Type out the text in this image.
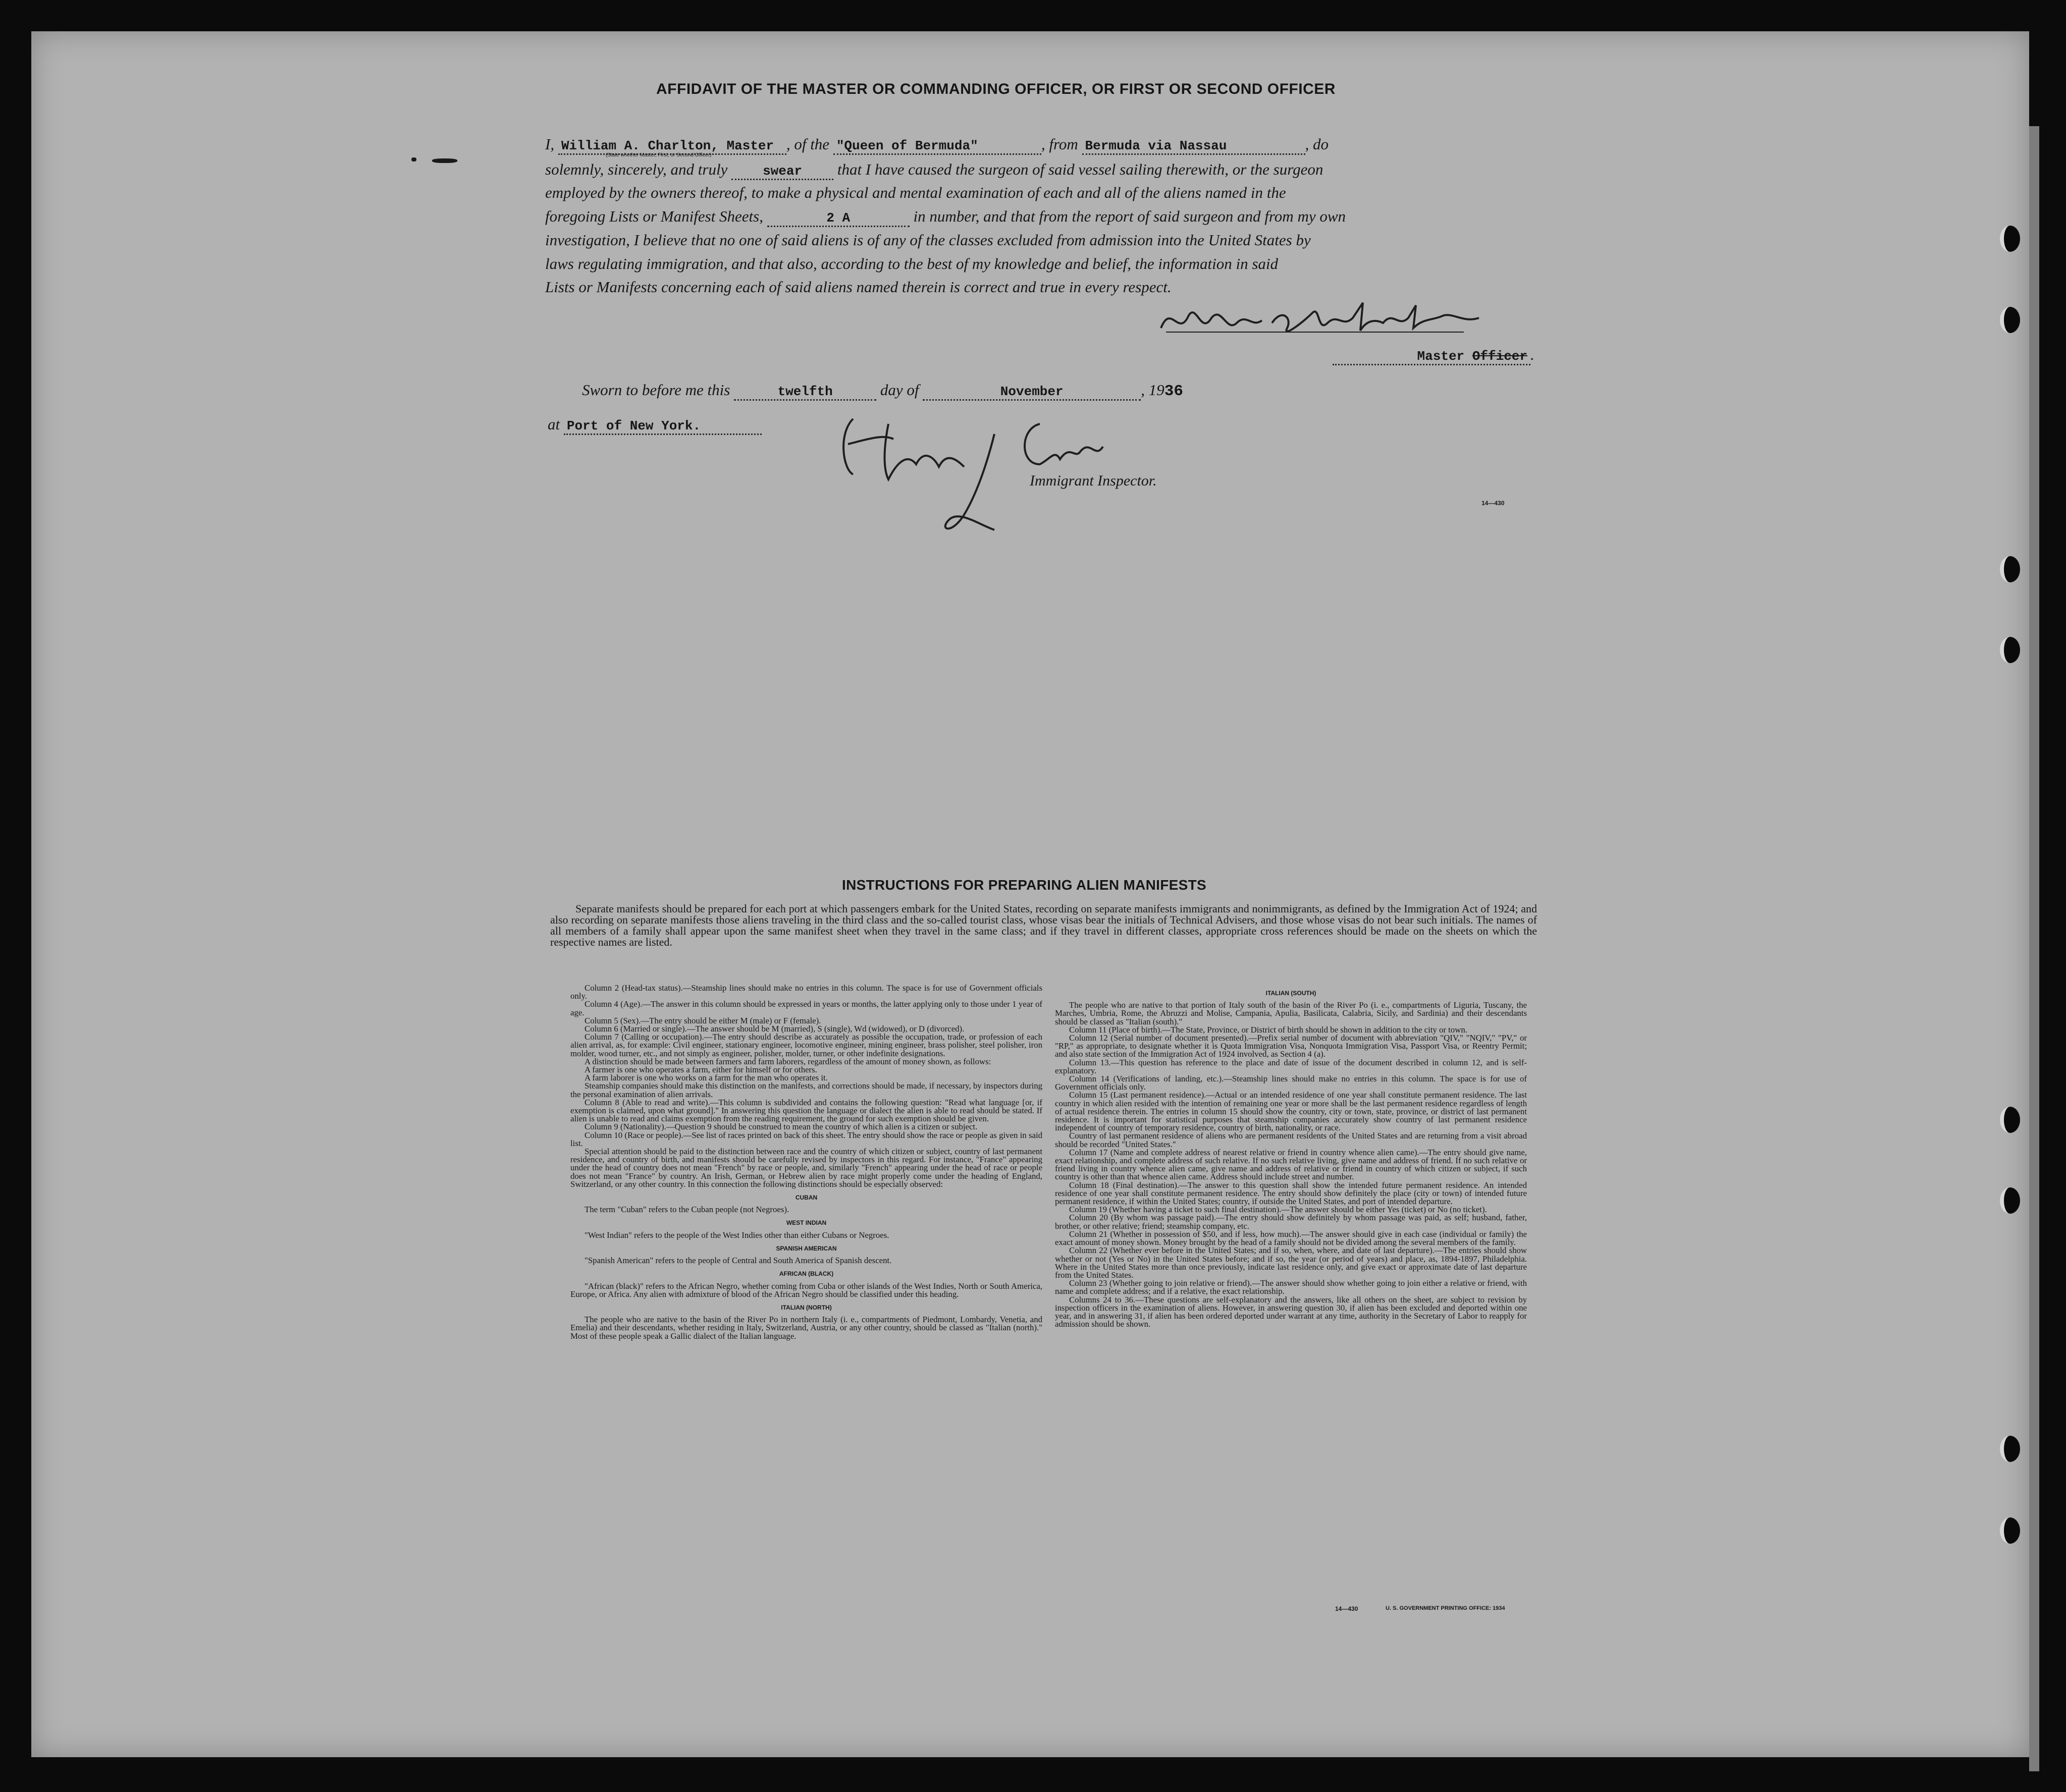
AFFIDAVIT OF THE MASTER OR COMMANDING OFFICER, OR FIRST OR SECOND OFFICER
I, William A. Charlton, Master , of the "Queen of Bermuda"	, from Bermuda via Nassau	, do
(State whether Master, First, or Second Officer)
solemnly, sincerely, and truly	swear that I have caused the surgeon of said vessel sailing therewith, or the surgeon
employed by the owners thereof, to make a physical and mental examination of each and all of the aliens named in the
foregoing Lists or Manifest Sheets,	2 A	in number, and that from the report of said surgeon and from my own
investigation, I believe that no one of said aliens is of any of the classes excluded from admission into the United States by
laws regulating immigration, and that also, according to the best of my knowledge and belief, the information in said
Lists or Manifests concerning each of said aliens named therein is correct and true in every respect.
Wm A Charlton
Master Officer .
Sworn to before me this	twelfth	day of	November	, 1936
at Port of New York.
Herbert J Conkey
Immigrant Inspector.
14—430
INSTRUCTIONS FOR PREPARING ALIEN MANIFESTS
Separate manifests should be prepared for each port at which passengers embark for the United States, recording on separate manifests immigrants and nonimmigrants, as defined by the Immigration Act of 1924; and also recording on separate manifests those aliens traveling in the third class and the so-called tourist class, whose visas bear the initials of Technical Advisers, and those whose visas do not bear such initials. The names of all members of a family shall appear upon the same manifest sheet when they travel in the same class; and if they travel in different classes, appropriate cross references should be made on the sheets on which the respective names are listed.

Column 2 (Head-tax status).—Steamship lines should make no entries in this column. The space is for use of Government officials only.

Column 4 (Age).—The answer in this column should be expressed in years or months, the latter applying only to those under 1 year of age.

Column 5 (Sex).—The entry should be either M (male) or F (female).

Column 6 (Married or single).—The answer should be M (married), S (single), Wd (widowed), or D (divorced).

Column 7 (Calling or occupation).—The entry should describe as accurately as possible the occupation, trade, or profession of each alien arrival, as, for example: Civil engineer, stationary engineer, locomotive engineer, mining engineer, brass polisher, steel polisher, iron molder, wood turner, etc., and not simply as engineer, polisher, molder, turner, or other indefinite designations.

A distinction should be made between farmers and farm laborers, regardless of the amount of money shown, as follows:

A farmer is one who operates a farm, either for himself or for others.

A farm laborer is one who works on a farm for the man who operates it.

Steamship companies should make this distinction on the manifests, and corrections should be made, if necessary, by inspectors during the personal examination of alien arrivals.

Column 8 (Able to read and write).—This column is subdivided and contains the following question: "Read what language [or, if exemption is claimed, upon what ground]." In answering this question the language or dialect the alien is able to read should be stated. If alien is unable to read and claims exemption from the reading requirement, the ground for such exemption should be given.

Column 9 (Nationality).—Question 9 should be construed to mean the country of which alien is a citizen or subject.

Column 10 (Race or people).—See list of races printed on back of this sheet. The entry should show the race or people as given in said list.

Special attention should be paid to the distinction between race and the country of which citizen or subject, country of last permanent residence, and country of birth, and manifests should be carefully revised by inspectors in this regard. For instance, "France" appearing under the head of country does not mean "French" by race or people, and, similarly "French" appearing under the head of race or people does not mean "France" by country. An Irish, German, or Hebrew alien by race might properly come under the heading of England, Switzerland, or any other country. In this connection the following distinctions should be especially observed:

CUBAN

The term "Cuban" refers to the Cuban people (not Negroes).

WEST INDIAN

"West Indian" refers to the people of the West Indies other than either Cubans or Negroes.

SPANISH AMERICAN

"Spanish American" refers to the people of Central and South America of Spanish descent.

AFRICAN (BLACK)

"African (black)" refers to the African Negro, whether coming from Cuba or other islands of the West Indies, North or South America, Europe, or Africa. Any alien with admixture of blood of the African Negro should be classified under this heading.

ITALIAN (NORTH)

The people who are native to the basin of the River Po in northern Italy (i. e., compartments of Piedmont, Lombardy, Venetia, and Emelia) and their descendants, whether residing in Italy, Switzerland, Austria, or any other country, should be classed as "Italian (north)." Most of these people speak a Gallic dialect of the Italian language.

ITALIAN (SOUTH)

The people who are native to that portion of Italy south of the basin of the River Po (i. e., compartments of Liguria, Tuscany, the Marches, Umbria, Rome, the Abruzzi and Molise, Campania, Apulia, Basilicata, Calabria, Sicily, and Sardinia) and their descendants should be classed as "Italian (south)."

Column 11 (Place of birth).—The State, Province, or District of birth should be shown in addition to the city or town.

Column 12 (Serial number of document presented).—Prefix serial number of document with abbreviation "QIV," "NQIV," "PV," or "RP," as appropriate, to designate whether it is Quota Immigration Visa, Nonquota Immigration Visa, Passport Visa, or Reentry Permit; and also state section of the Immigration Act of 1924 involved, as Section 4 (a).

Column 13.—This question has reference to the place and date of issue of the document described in column 12, and is self-explanatory.

Column 14 (Verifications of landing, etc.).—Steamship lines should make no entries in this column. The space is for use of Government officials only.

Column 15 (Last permanent residence).—Actual or an intended residence of one year shall constitute permanent residence. The last country in which alien resided with the intention of remaining one year or more shall be the last permanent residence regardless of length of actual residence therein. The entries in column 15 should show the country, city or town, state, province, or district of last permanent residence. It is important for statistical purposes that steamship companies accurately show country of last permanent residence independent of country of temporary residence, country of birth, nationality, or race.

Country of last permanent residence of aliens who are permanent residents of the United States and are returning from a visit abroad should be recorded "United States."

Column 17 (Name and complete address of nearest relative or friend in country whence alien came).—The entry should give name, exact relationship, and complete address of such relative. If no such relative living, give name and address of friend. If no such relative or friend living in country whence alien came, give name and address of relative or friend in country of which citizen or subject, if such country is other than that whence alien came. Address should include street and number.

Column 18 (Final destination).—The answer to this question shall show the intended future permanent residence. An intended residence of one year shall constitute permanent residence. The entry should show definitely the place (city or town) of intended future permanent residence, if within the United States; country, if outside the United States, and port of intended departure.

Column 19 (Whether having a ticket to such final destination).—The answer should be either Yes (ticket) or No (no ticket).

Column 20 (By whom was passage paid).—The entry should show definitely by whom passage was paid, as self; husband, father, brother, or other relative; friend; steamship company, etc.

Column 21 (Whether in possession of $50, and if less, how much).—The answer should give in each case (individual or family) the exact amount of money shown. Money brought by the head of a family should not be divided among the several members of the family.

Column 22 (Whether ever before in the United States; and if so, when, where, and date of last departure).—The entries should show whether or not (Yes or No) in the United States before; and if so, the year (or period of years) and place, as, 1894-1897, Philadelphia. Where in the United States more than once previously, indicate last residence only, and give exact or approximate date of last departure from the United States.

Column 23 (Whether going to join relative or friend).—The answer should show whether going to join either a relative or friend, with name and complete address; and if a relative, the exact relationship.

Columns 24 to 36.—These questions are self-explanatory and the answers, like all others on the sheet, are subject to revision by inspection officers in the examination of aliens. However, in answering question 30, if alien has been excluded and deported within one year, and in answering 31, if alien has been ordered deported under warrant at any time, authority in the Secretary of Labor to reapply for admission should be shown.

14—430	U. S. GOVERNMENT PRINTING OFFICE: 1934
